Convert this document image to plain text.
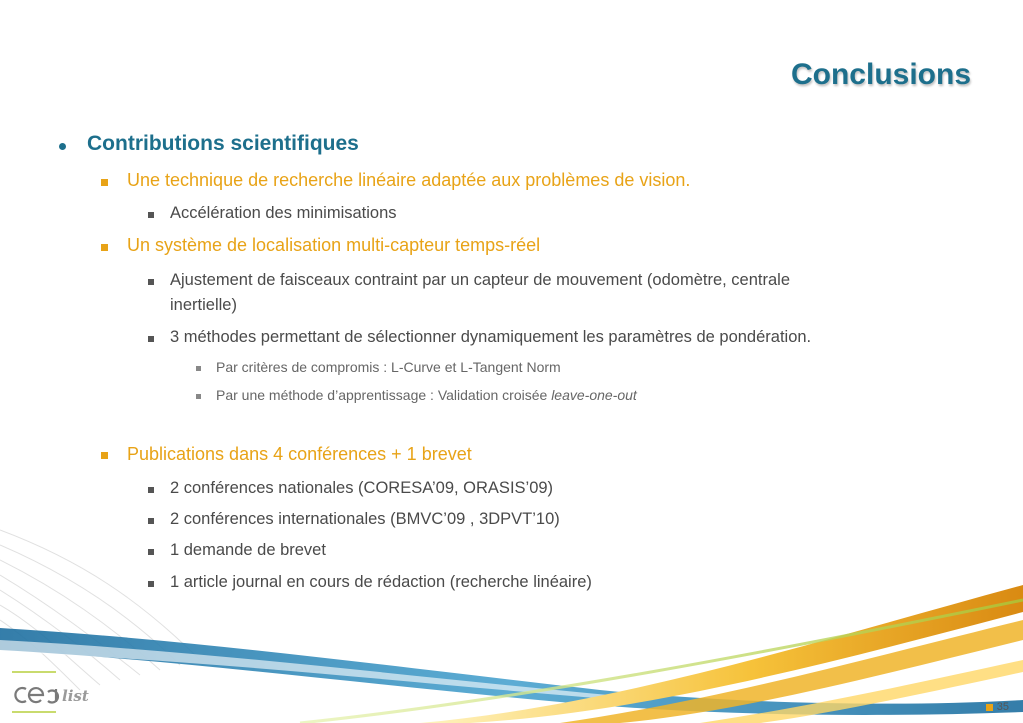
Conclusions
Contributions scientifiques
Une technique de recherche linéaire adaptée aux problèmes de vision.
Accélération des minimisations
Un système de localisation multi-capteur temps-réel
Ajustement de faisceaux contraint par un capteur de mouvement (odomètre, centrale
inertielle)
3 méthodes permettant de sélectionner dynamiquement les paramètres de pondération.
Par critères de compromis : L-Curve et L-Tangent Norm
Par une méthode d’apprentissage : Validation croisée leave-one-out
Publications dans 4 conférences + 1 brevet
2 conférences nationales (CORESA’09, ORASIS’09)
2 conférences internationales (BMVC’09 , 3DPVT’10)
1 demande de brevet
1 article journal en cours de rédaction (recherche linéaire)
list
35
